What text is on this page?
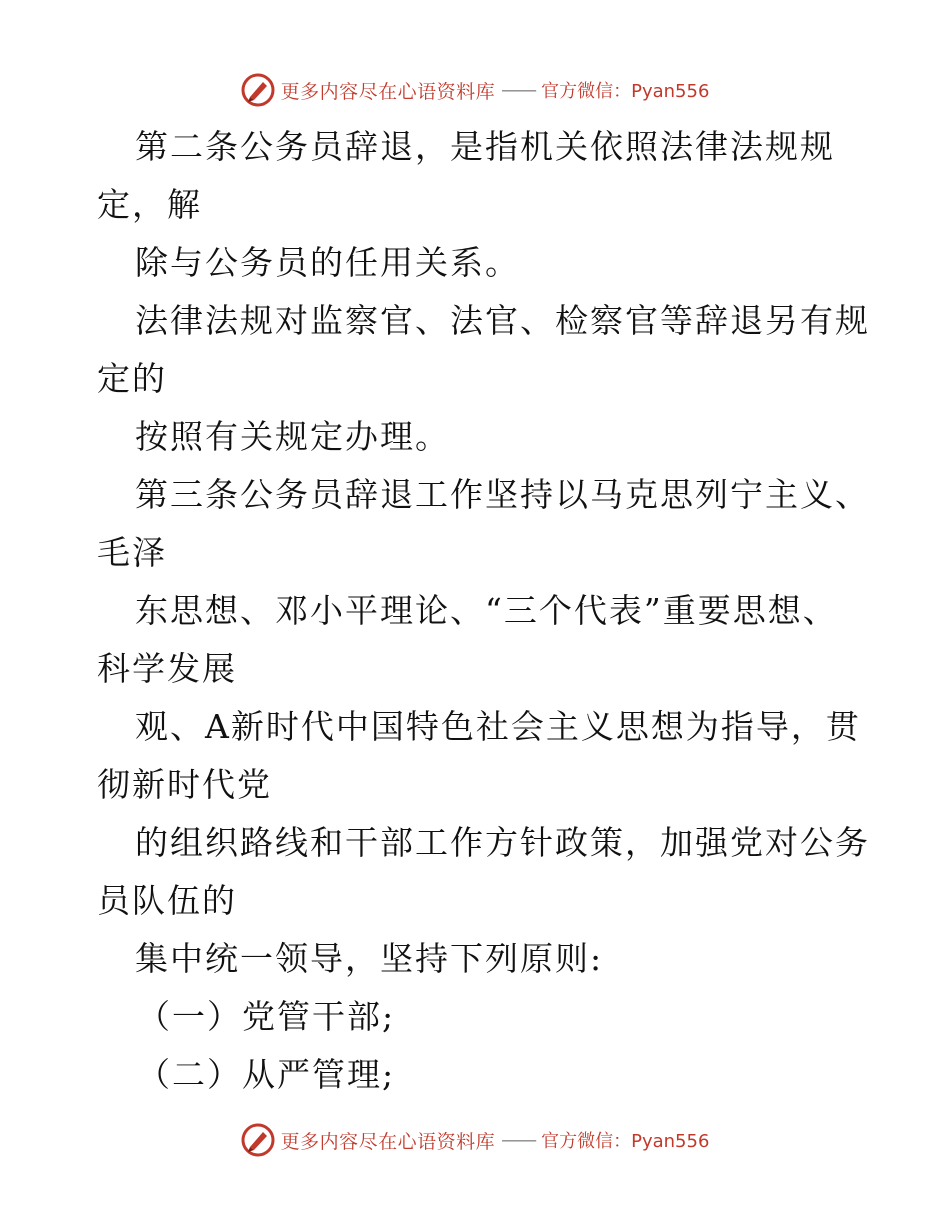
更多内容尽在心语资料库 —— 官方微信：Pyan556
第二条公务员辞退，是指机关依照法律法规规
定，解
除与公务员的任用关系。
法律法规对监察官、法官、检察官等辞退另有规
定的
按照有关规定办理。
第三条公务员辞退工作坚持以马克思列宁主义、
毛泽
东思想、邓小平理论、“三个代表”重要思想、
科学发展
观、A新时代中国特色社会主义思想为指导，贯
彻新时代党
的组织路线和干部工作方针政策，加强党对公务
员队伍的
集中统一领导，坚持下列原则:
（一）党管干部;
（二）从严管理;
更多内容尽在心语资料库 —— 官方微信：Pyan556
